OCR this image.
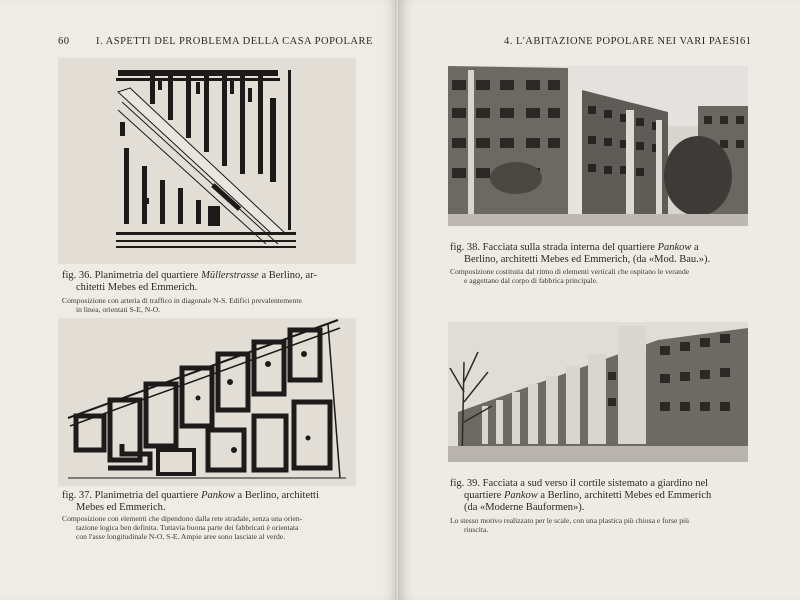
60	I. ASPETTI DEL PROBLEMA DELLA CASA POPOLARE
fig. 36. Planimetria del quartiere Müllerstrasse a Berlino, ar-
chitetti Mebes ed Emmerich.
Composizione con arteria di traffico in diagonale N-S. Edifici prevalentemente
in linea, orientati S-E, N-O.
fig. 37. Planimetria del quartiere Pankow a Berlino, architetti
Mebes ed Emmerich.
Composizione con elementi che dipendono dalla rete stradale, senza una orien-
tazione logica ben definita. Tuttavia buona parte dei fabbricati è orientata
con l'asse longitudinale N-O, S-E. Ampie aree sono lasciate al verde.
4. L'ABITAZIONE POPOLARE NEI VARI PAESI 61
fig. 38. Facciata sulla strada interna del quartiere Pankow a
Berlino, architetti Mebes ed Emmerich, (da «Mod. Bau.»).
Composizione costituita dal ritmo di elementi verticali che ospitano le verande
e aggettano dal corpo di fabbrica principale.
fig. 39. Facciata a sud verso il cortile sistemato a giardino nel
quartiere Pankow a Berlino, architetti Mebes ed Emmerich
(da «Moderne Bauformen»).
Lo stesso motivo realizzato per le scale, con una plastica più chiusa e forse più
riuscita.
